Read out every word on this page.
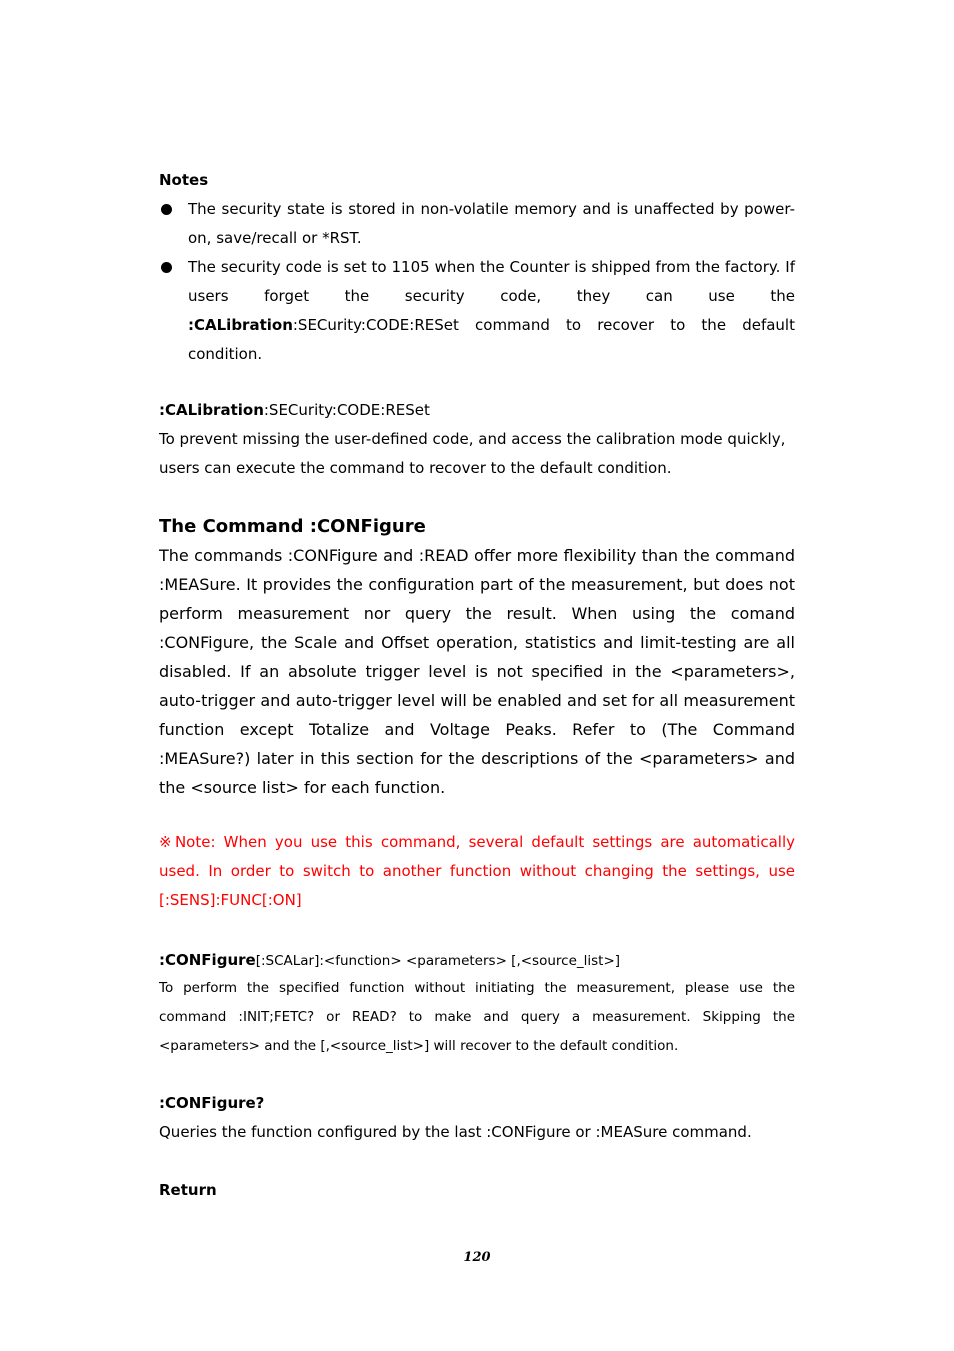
Notes
The security state is stored in non-volatile memory and is unaffected by power-on, save/recall or *RST.
The security code is set to 1105 when the Counter is shipped from the factory. If users forget the security code, they can use the :CALibration:SECurity:CODE:RESet command to recover to the default condition.
:CALibration:SECurity:CODE:RESet
To prevent missing the user-defined code, and access the calibration mode quickly, users can execute the command to recover to the default condition.
The Command :CONFigure
The commands :CONFigure and :READ offer more flexibility than the command :MEASure. It provides the configuration part of the measurement, but does not perform measurement nor query the result. When using the comand :CONFigure, the Scale and Offset operation, statistics and limit-testing are all disabled. If an absolute trigger level is not specified in the <parameters>, auto-trigger and auto-trigger level will be enabled and set for all measurement function except Totalize and Voltage Peaks. Refer to (The Command :MEASure?) later in this section for the descriptions of the <parameters> and the <source list> for each function.
※Note: When you use this command, several default settings are automatically used. In order to switch to another function without changing the settings, use [:SENS]:FUNC[:ON]
:CONFigure[:SCALar]:<function> <parameters> [,<source_list>]
To perform the specified function without initiating the measurement, please use the command :INIT;FETC? or READ? to make and query a measurement. Skipping the <parameters> and the [,<source_list>] will recover to the default condition.
:CONFigure?
Queries the function configured by the last :CONFigure or :MEASure command.
Return
120
